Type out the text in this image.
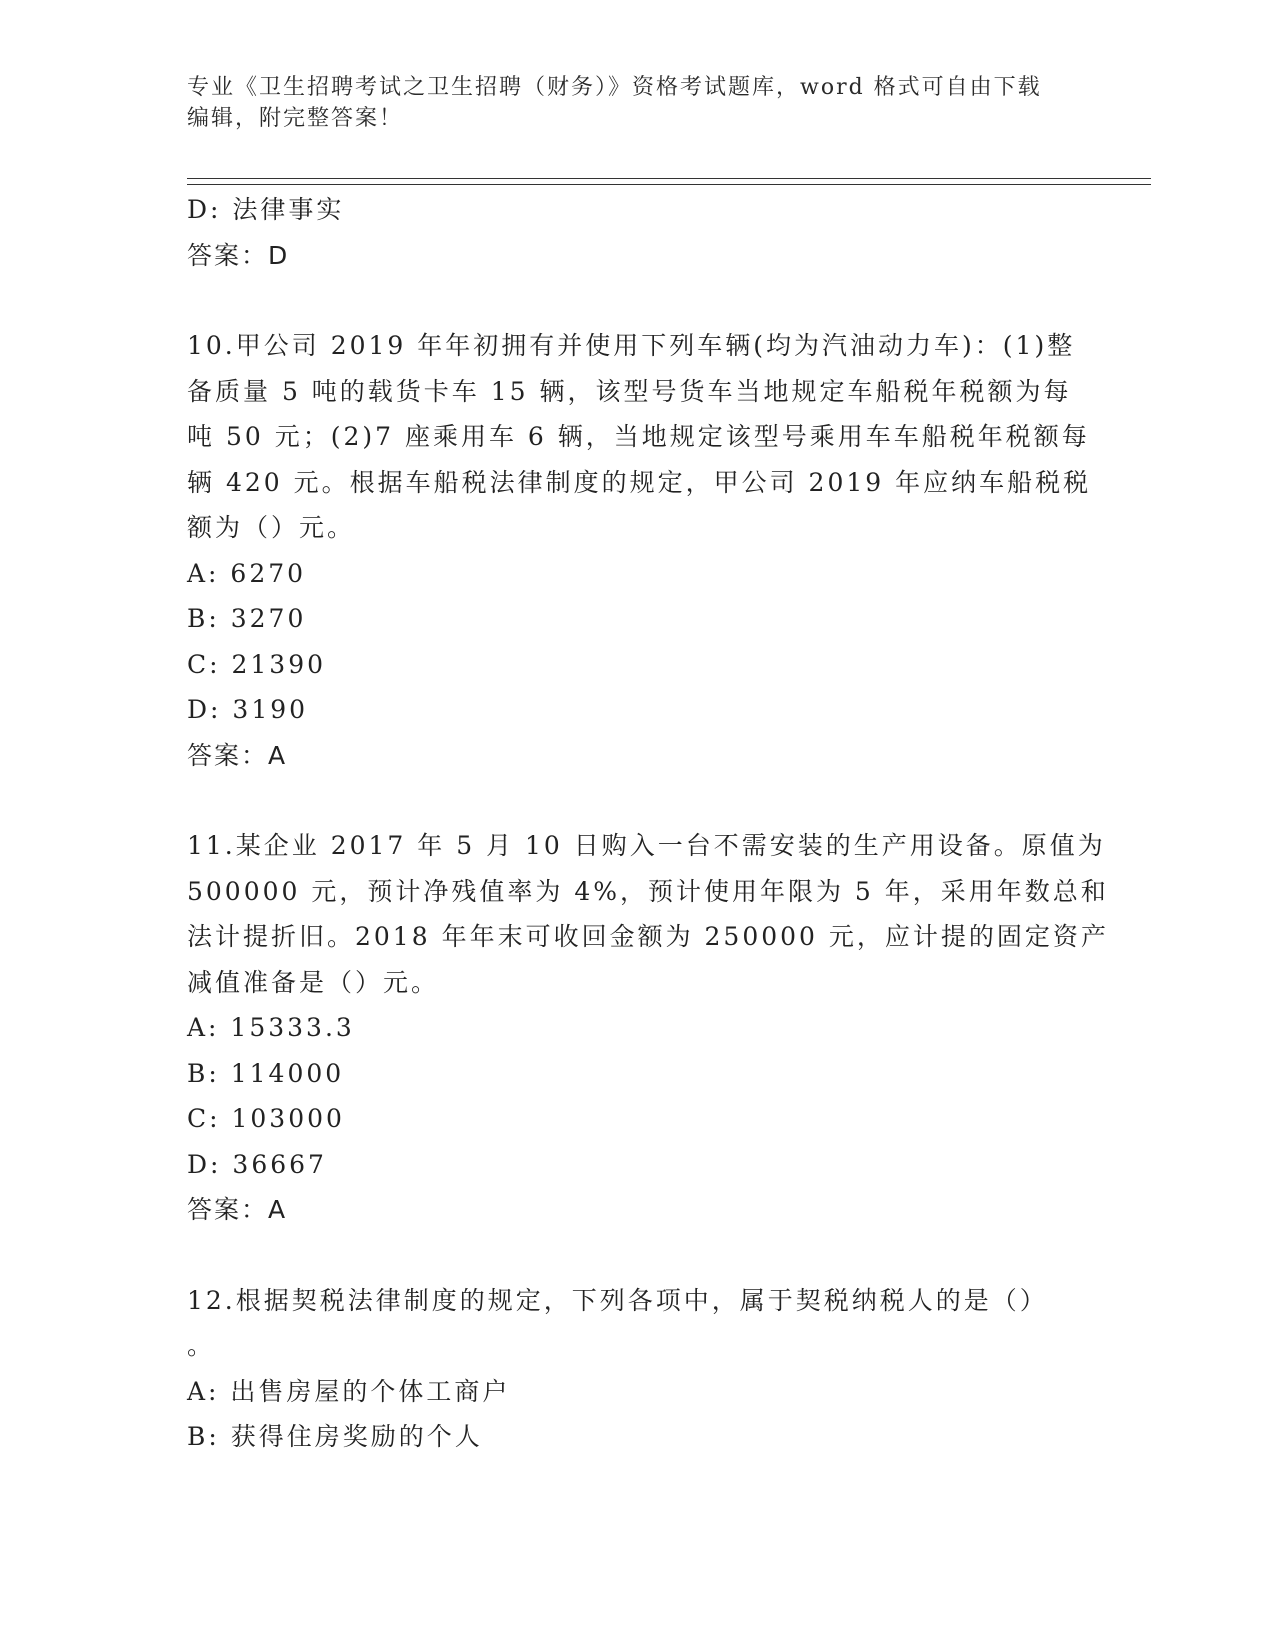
专业《卫生招聘考试之卫生招聘（财务）》资格考试题库，word 格式可自由下载
编辑，附完整答案！
D: 法律事实
答案：D
10.甲公司 2019 年年初拥有并使用下列车辆(均为汽油动力车)：(1)整
备质量 5 吨的载货卡车 15 辆，该型号货车当地规定车船税年税额为每
吨 50 元；(2)7 座乘用车 6 辆，当地规定该型号乘用车车船税年税额每
辆 420 元。根据车船税法律制度的规定，甲公司 2019 年应纳车船税税
额为（）元。
A: 6270
B: 3270
C: 21390
D: 3190
答案：A
11.某企业 2017 年 5 月 10 日购入一台不需安装的生产用设备。原值为
500000 元，预计净残值率为 4%，预计使用年限为 5 年，采用年数总和
法计提折旧。2018 年年末可收回金额为 250000 元，应计提的固定资产
减值准备是（）元。
A: 15333.3
B: 114000
C: 103000
D: 36667
答案：A
12.根据契税法律制度的规定，下列各项中，属于契税纳税人的是（）
。
A: 出售房屋的个体工商户
B: 获得住房奖励的个人
